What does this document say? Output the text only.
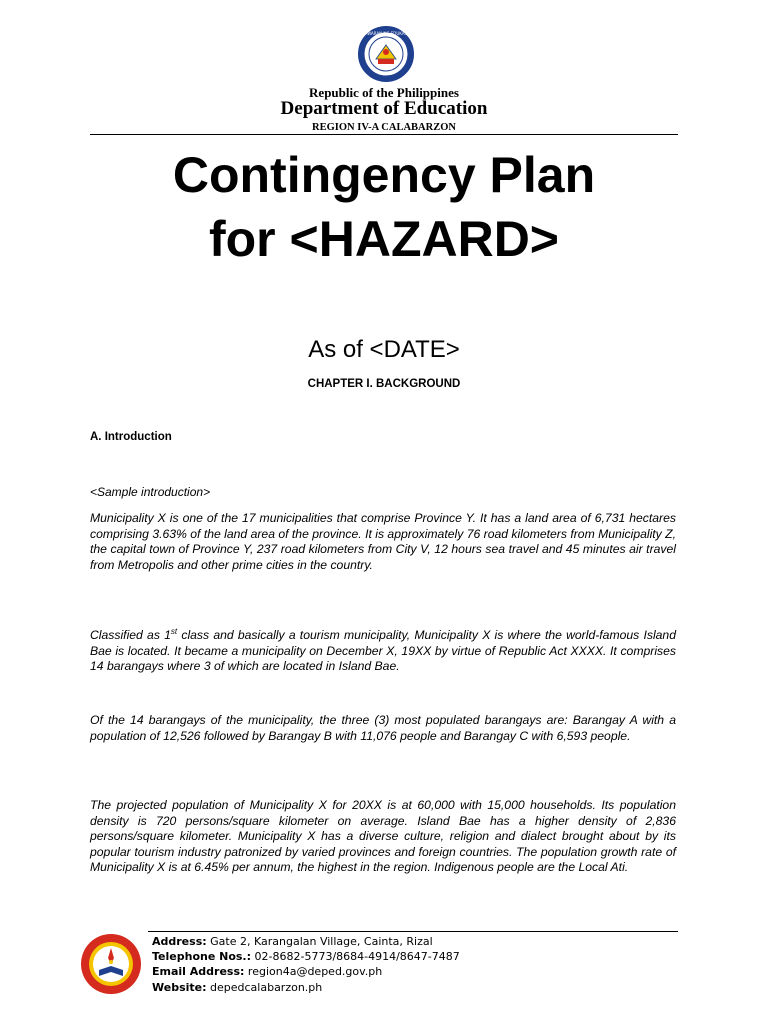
KAGAWARAN NG EDUKASYON
Republic of the Philippines
Department of Education
REGION IV-A CALABARZON
Contingency Plan
for <HAZARD>
As of <DATE>
CHAPTER I. BACKGROUND
A. Introduction
<Sample introduction>

Municipality X is one of the 17 municipalities that comprise Province Y. It has a land area of 6,731 hectares comprising 3.63% of the land area of the province. It is approximately 76 road kilometers from Municipality Z, the capital town of Province Y, 237 road kilometers from City V, 12 hours sea travel and 45 minutes air travel from Metropolis and other prime cities in the country.

Classified as 1st class and basically a tourism municipality, Municipality X is where the world-famous Island Bae is located. It became a municipality on December X, 19XX by virtue of Republic Act XXXX. It comprises 14 barangays where 3 of which are located in Island Bae.

Of the 14 barangays of the municipality, the three (3) most populated barangays are: Barangay A with a population of 12,526 followed by Barangay B with 11,076 people and Barangay C with 6,593 people.

The projected population of Municipality X for 20XX is at 60,000 with 15,000 households. Its population density is 720 persons/square kilometer on average. Island Bae has a higher density of 2,836 persons/square kilometer. Municipality X has a diverse culture, religion and dialect brought about by its popular tourism industry patronized by varied provinces and foreign countries. The population growth rate of Municipality X is at 6.45% per annum, the highest in the region. Indigenous people are the Local Ati.

Address: Gate 2, Karangalan Village, Cainta, Rizal
Telephone Nos.: 02-8682-5773/8684-4914/8647-7487
Email Address: region4a@deped.gov.ph
Website: depedcalabarzon.ph
